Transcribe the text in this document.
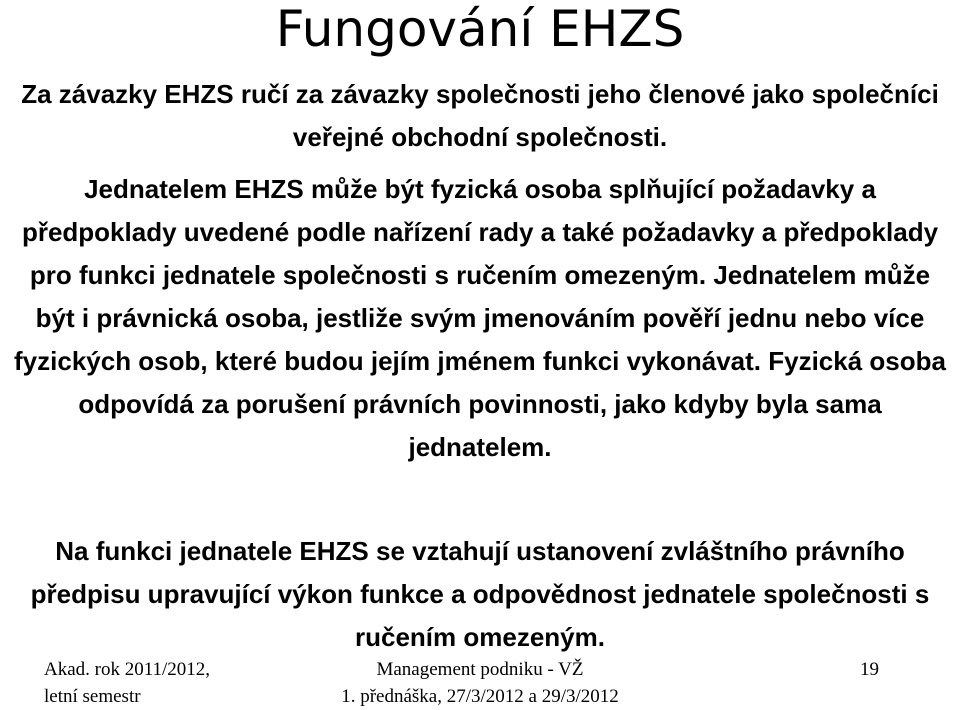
Fungování EHZS

Za závazky EHZS ručí za závazky společnosti jeho členové jako společníci veřejné obchodní společnosti.

Jednatelem EHZS může být fyzická osoba splňující požadavky a předpoklady uvedené podle nařízení rady a také požadavky a předpoklady pro funkci jednatele společnosti s ručením omezeným. Jednatelem může být i právnická osoba, jestliže svým jmenováním pověří jednu nebo více fyzických osob, které budou jejím jménem funkci vykonávat. Fyzická osoba odpovídá za porušení právních povinnosti, jako kdyby byla sama jednatelem.

Na funkci jednatele EHZS se vztahují ustanovení zvláštního právního předpisu upravující výkon funkce a odpovědnost jednatele společnosti s ručením omezeným.

Akad. rok 2011/2012,
letní semestr
Management podniku - VŽ
1. přednáška, 27/3/2012 a 29/3/2012
19
